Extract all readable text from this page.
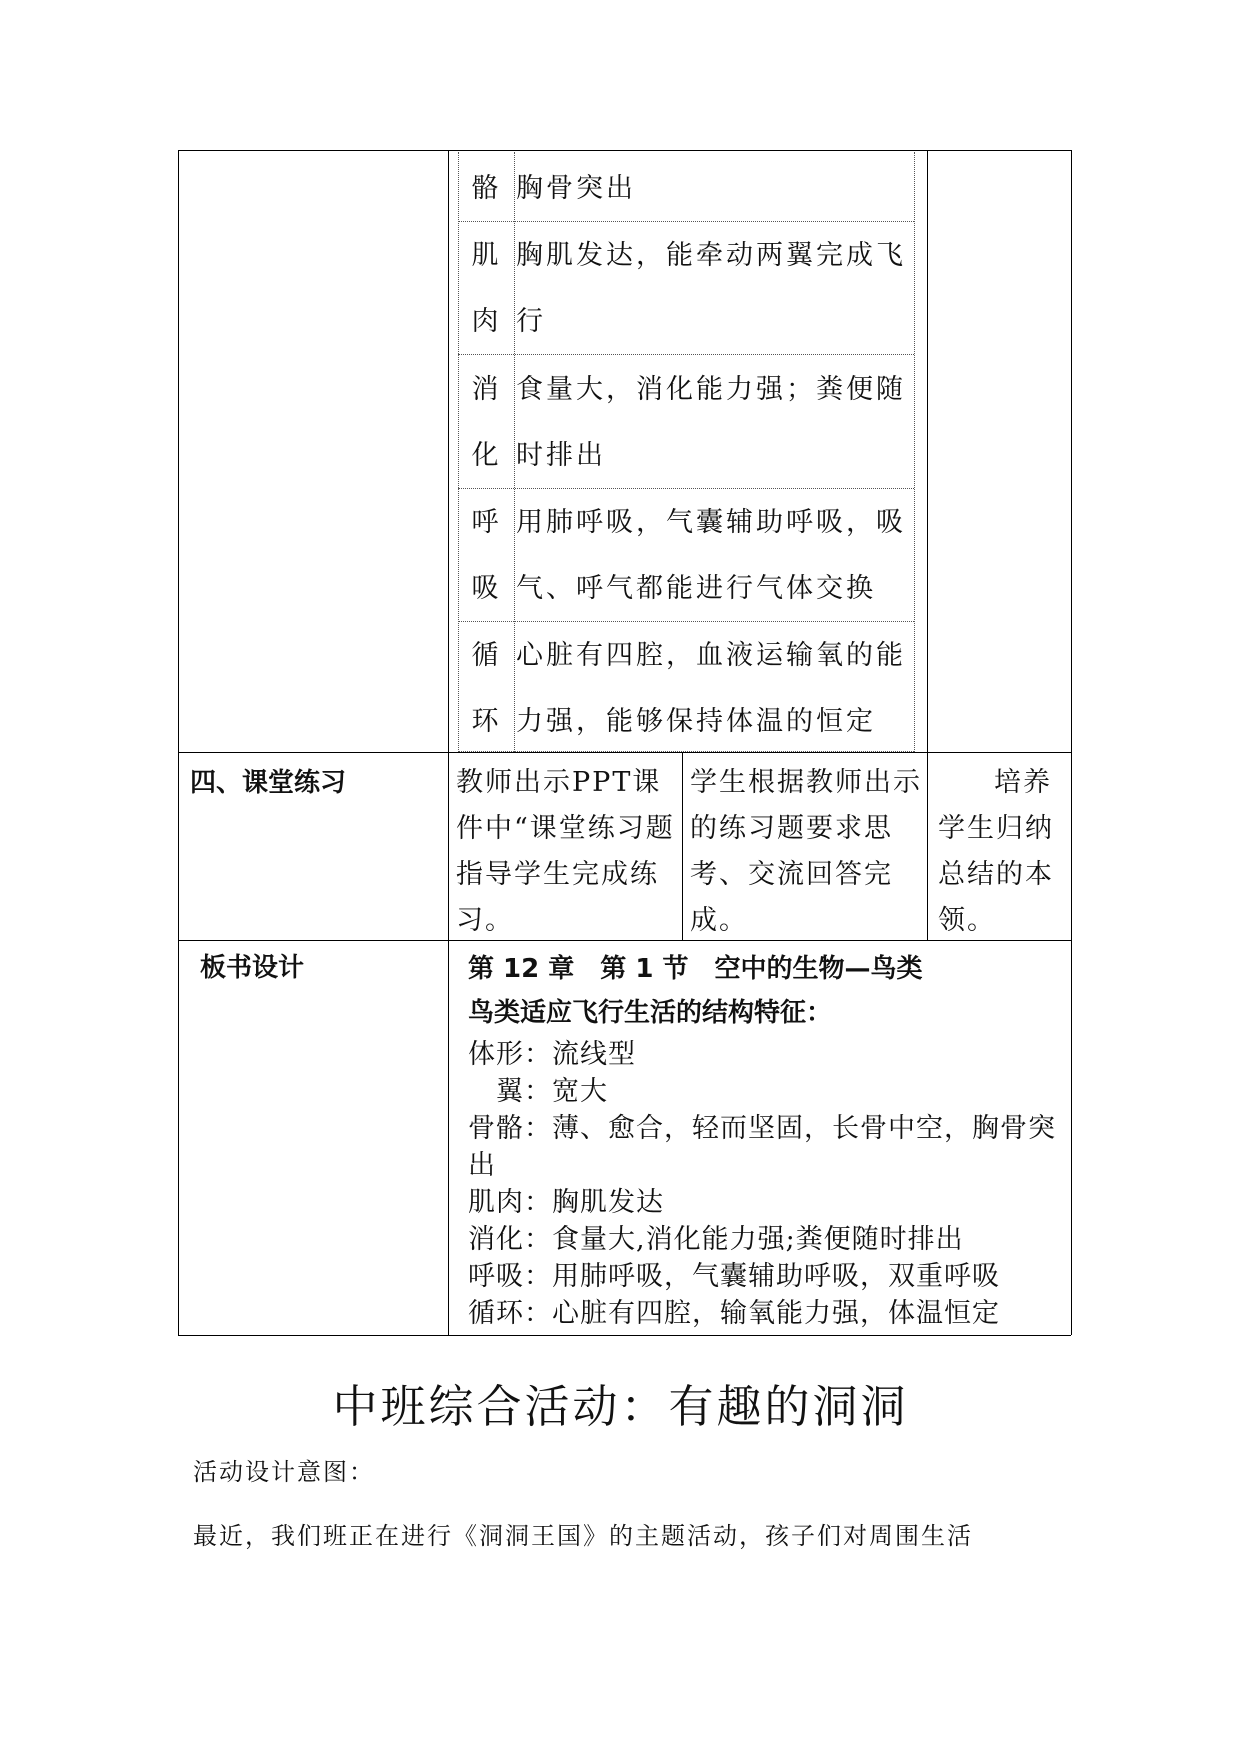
骼 胸骨突出
肌肉
胸肌发达，能牵动两翼完成飞行
消化
食量大，消化能力强；粪便随时排出
呼吸
用肺呼吸，气囊辅助呼吸，吸气、呼气都能进行气体交换
循环
心脏有四腔，血液运输氧的能力强，能够保持体温的恒定
四、课堂练习	教师出示PPT课件中“课堂练习题指导学生完成练习。
学生根据教师出示的练习题要求思考、交流回答完成。
培养学生归纳总结的本领。
板书设计	第 12 章　第 1 节　空中的生物—鸟类
鸟类适应飞行生活的结构特征：
体形：流线型
　翼：宽大
骨骼：薄、愈合，轻而坚固，长骨中空，胸骨突出
肌肉：胸肌发达
消化：食量大,消化能力强;粪便随时排出
呼吸：用肺呼吸，气囊辅助呼吸，双重呼吸
循环：心脏有四腔，输氧能力强，体温恒定
中班综合活动：有趣的洞洞
活动设计意图：
最近，我们班正在进行《洞洞王国》的主题活动，孩子们对周围生活
